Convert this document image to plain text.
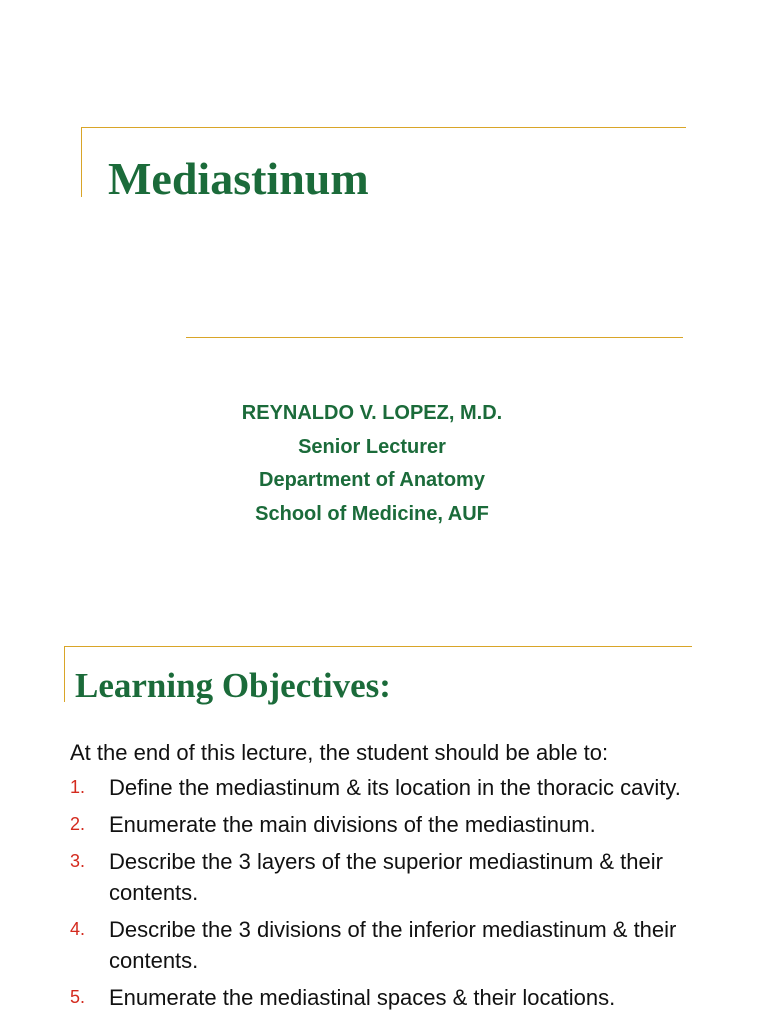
Mediastinum
REYNALDO V. LOPEZ, M.D.
Senior Lecturer
Department of Anatomy
School of Medicine, AUF
Learning Objectives:

At the end of this lecture, the student should be able to:

1.	Define the mediastinum & its location in the thoracic cavity.
2.	Enumerate the main divisions of the mediastinum.
3.	Describe the 3 layers of the superior mediastinum & their contents.
4.	Describe the 3 divisions of the inferior mediastinum & their contents.
5.	Enumerate the mediastinal spaces & their locations.
